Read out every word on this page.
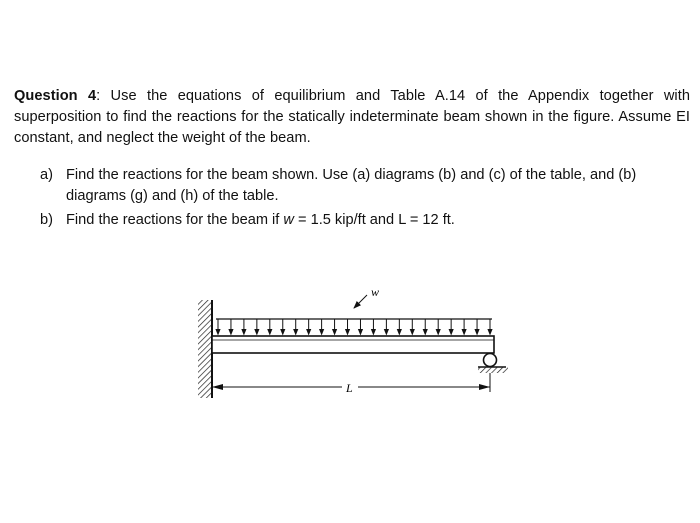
Question 4: Use the equations of equilibrium and Table A.14 of the Appendix together with superposition to find the reactions for the statically indeterminate beam shown in the figure. Assume EI constant, and neglect the weight of the beam.
a) Find the reactions for the beam shown. Use (a) diagrams (b) and (c) of the table, and (b) diagrams (g) and (h) of the table.
b) Find the reactions for the beam if w = 1.5 kip/ft and L = 12 ft.
w
L
